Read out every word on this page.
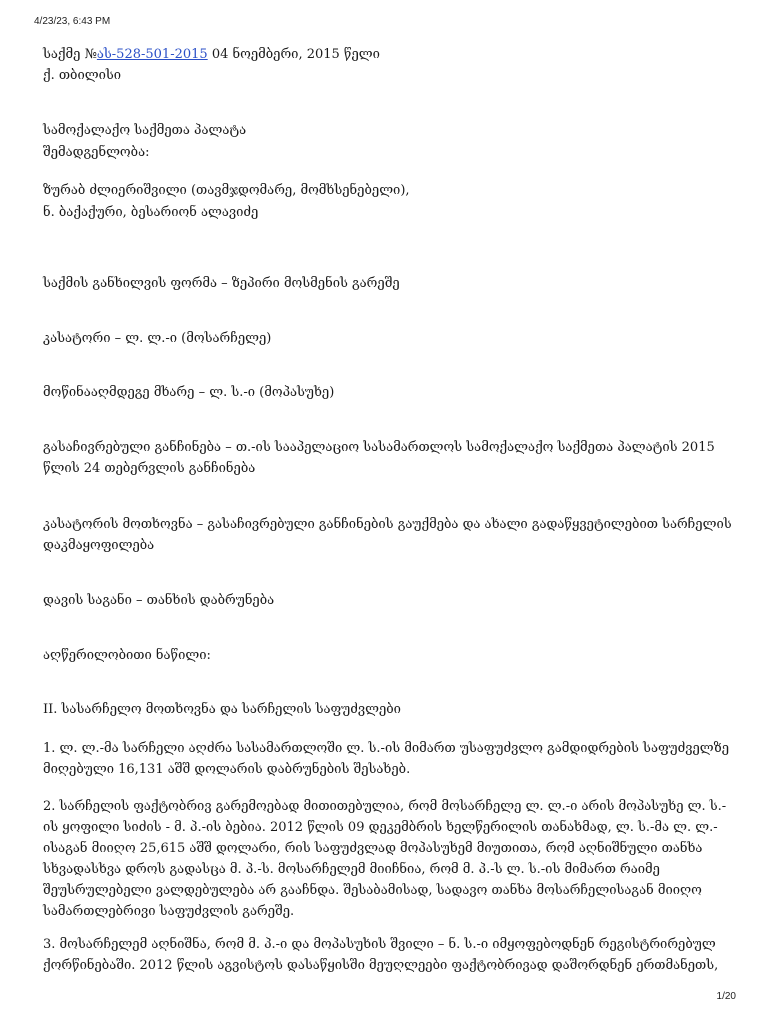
4/23/23, 6:43 PM

საქმე №ას-528-501-2015 04 ნოემბერი, 2015 წელი

ქ. თბილისი

სამოქალაქო საქმეთა პალატა

შემადგენლობა:

ზურაბ ძლიერიშვილი (თავმჯდომარე, მომხსენებელი),

ნ. ბაქაქური, ბესარიონ ალავიძე

საქმის განხილვის ფორმა – ზეპირი მოსმენის გარეშე

კასატორი – ლ. ლ.-ი (მოსარჩელე)

მოწინააღმდეგე მხარე – ლ. ს.-ი (მოპასუხე)

გასაჩივრებული განჩინება – თ.-ის სააპელაციო სასამართლოს სამოქალაქო საქმეთა პალატის 2015 წლის 24 თებერვლის განჩინება

კასატორის მოთხოვნა – გასაჩივრებული განჩინების გაუქმება და ახალი გადაწყვეტილებით სარჩელის დაკმაყოფილება

დავის საგანი – თანხის დაბრუნება

აღწერილობითი ნაწილი:

II. სასარჩელო მოთხოვნა და სარჩელის საფუძვლები

1. ლ. ლ.-მა სარჩელი აღძრა სასამართლოში ლ. ს.-ის მიმართ უსაფუძვლო გამდიდრების საფუძველზე მიღებული 16,131 აშშ დოლარის დაბრუნების შესახებ.

2. სარჩელის ფაქტობრივ გარემოებად მითითებულია, რომ მოსარჩელე ლ. ლ.-ი არის მოპასუხე ლ. ს.-ის ყოფილი სიძის - მ. პ.-ის ბებია. 2012 წლის 09 დეკემბრის ხელწერილის თანახმად, ლ. ს.-მა ლ. ლ.-ისაგან მიიღო 25,615 აშშ დოლარი, რის საფუძვლად მოპასუხემ მიუთითა, რომ აღნიშნული თანხა სხვადასხვა დროს გადასცა მ. პ.-ს. მოსარჩელემ მიიჩნია, რომ მ. პ.-ს ლ. ს.-ის მიმართ რაიმე შეუსრულებელი ვალდებულება არ გააჩნდა. შესაბამისად, სადავო თანხა მოსარჩელისაგან მიიღო სამართლებრივი საფუძვლის გარეშე.

3. მოსარჩელემ აღნიშნა, რომ მ. პ.-ი და მოპასუხის შვილი – ნ. ს.-ი იმყოფებოდნენ რეგისტრირებულ ქორწინებაში. 2012 წლის აგვისტოს დასაწყისში მეუღლეები ფაქტობრივად დაშორდნენ ერთმანეთს,

1/20
